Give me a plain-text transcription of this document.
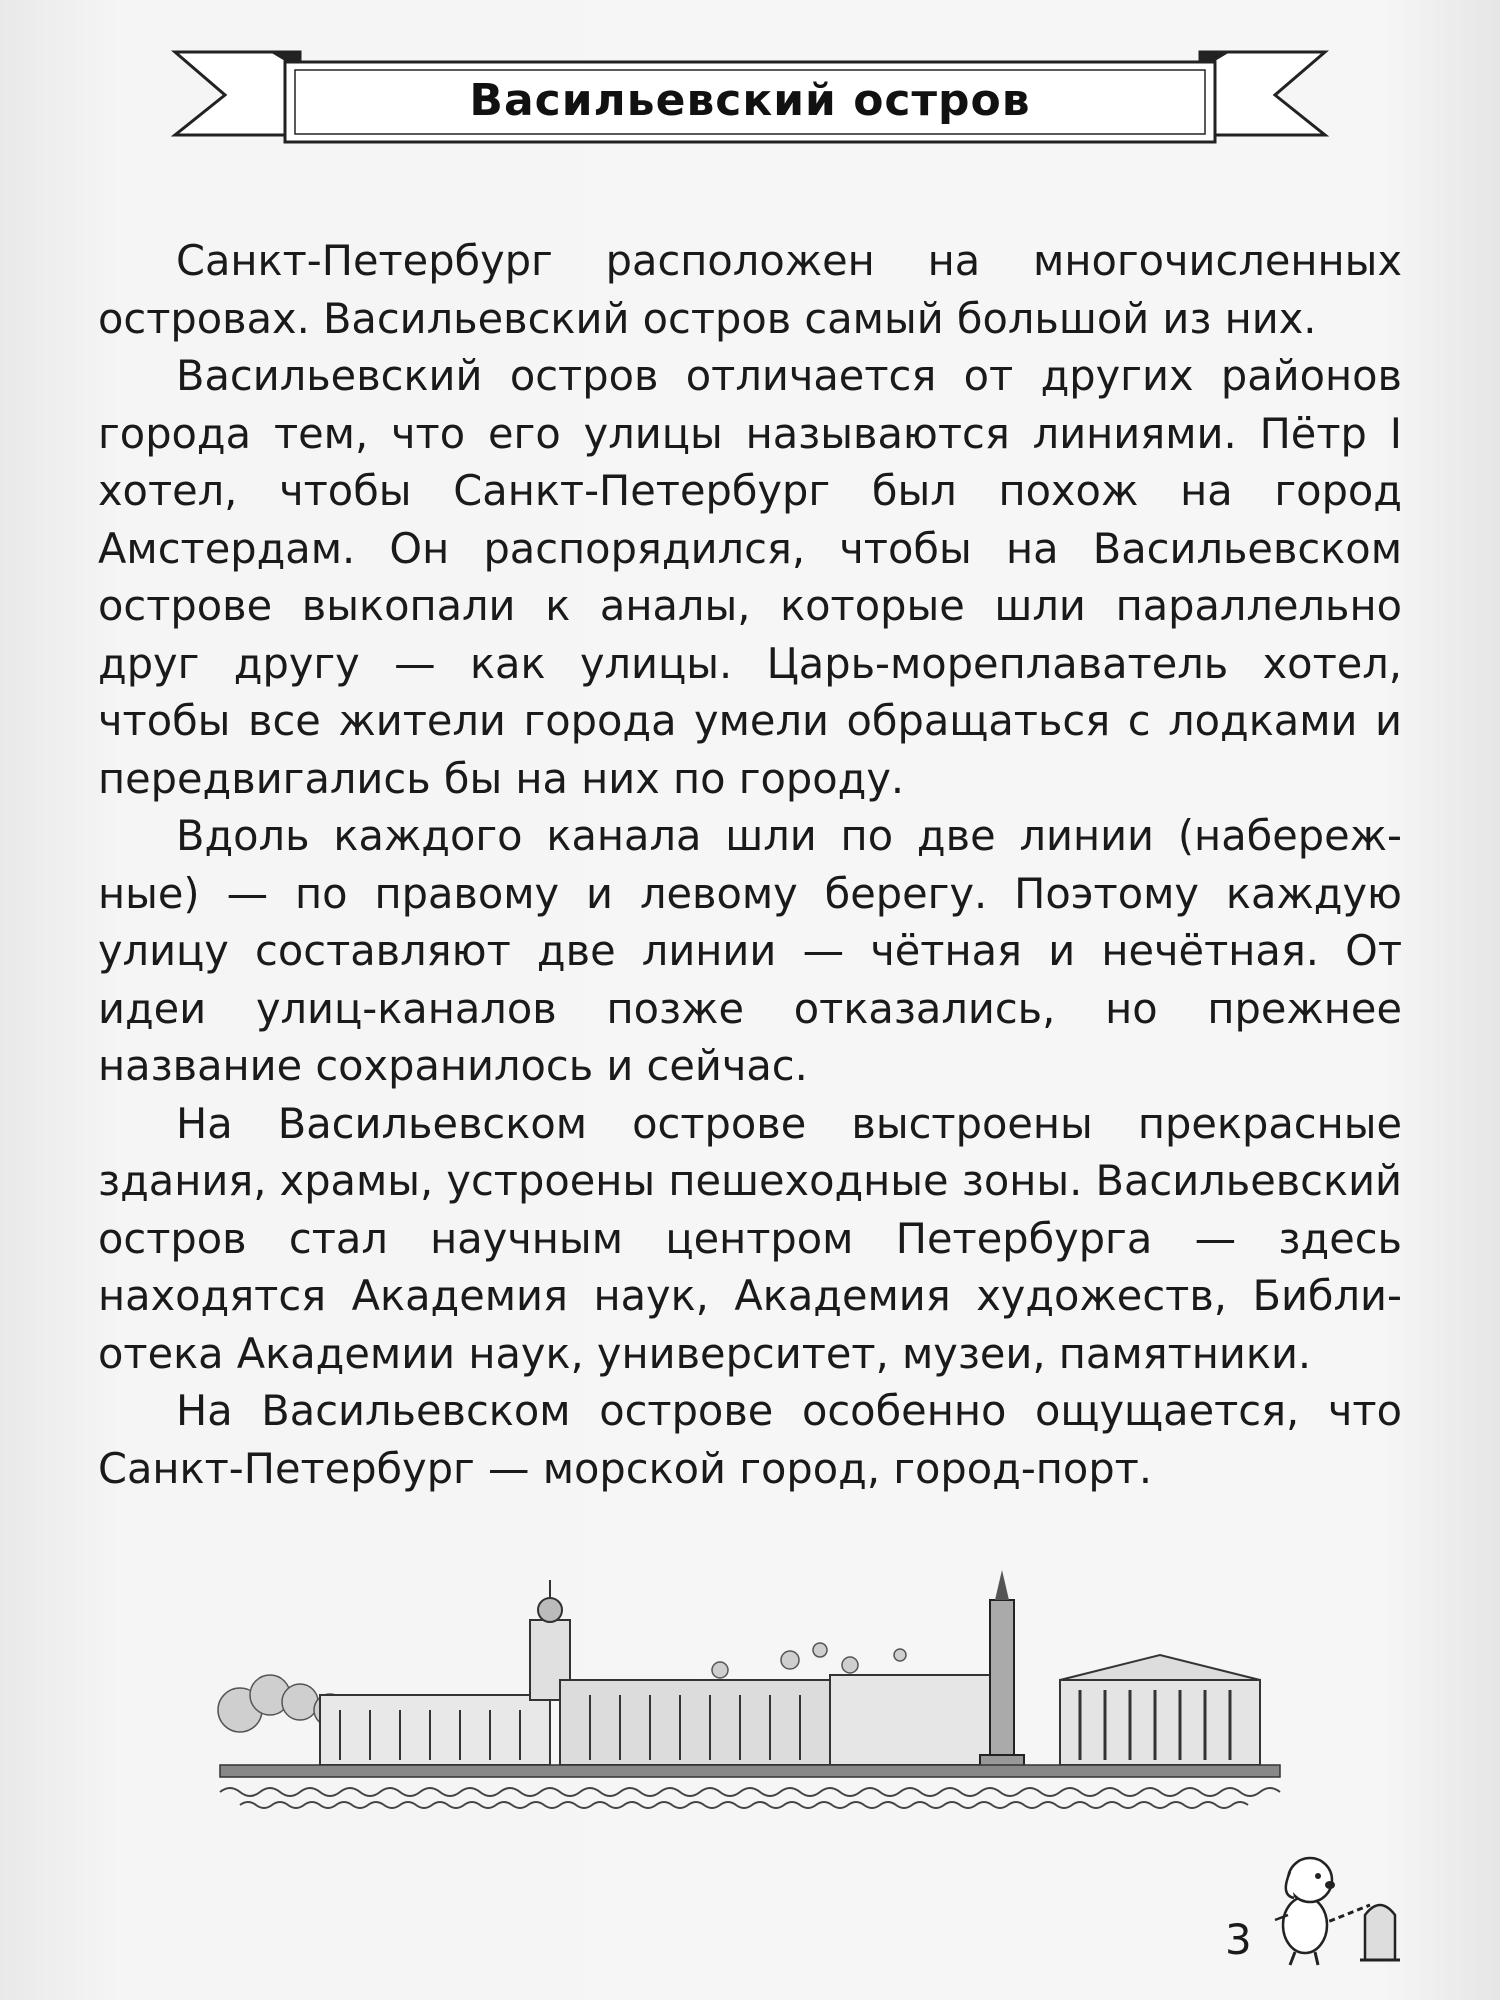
Васильевский остров

Санкт-Петербург расположен на многочисленных островах. Васильевский остров самый большой из них.

Васильевский остров отличается от других районов города тем, что его улицы называются линиями. Пётр I хотел, чтобы Санкт-Петербург был похож на город Амстердам. Он распорядился, чтобы на Васильевском острове выкопали к аналы, которые шли параллельно друг другу — как улицы. Царь-мореплаватель хотел, чтобы все жители города умели обращаться с лодками и передвигались бы на них по городу.

Вдоль каждого канала шли по две линии (набережные) — по правому и левому берегу. Поэтому каждую улицу составляют две линии — чётная и нечётная. От идеи улиц-каналов позже отказались, но прежнее название сохранилось и сейчас.

На Васильевском острове выстроены прекрасные здания, храмы, устроены пешеходные зоны. Васильевский остров стал научным центром Петербурга — здесь находятся Академия наук, Академия художеств, Библиотека Академии наук, университет, музеи, памятники.

На Васильевском острове особенно ощущается, что Санкт-Петербург — морской город, город-порт.

3
